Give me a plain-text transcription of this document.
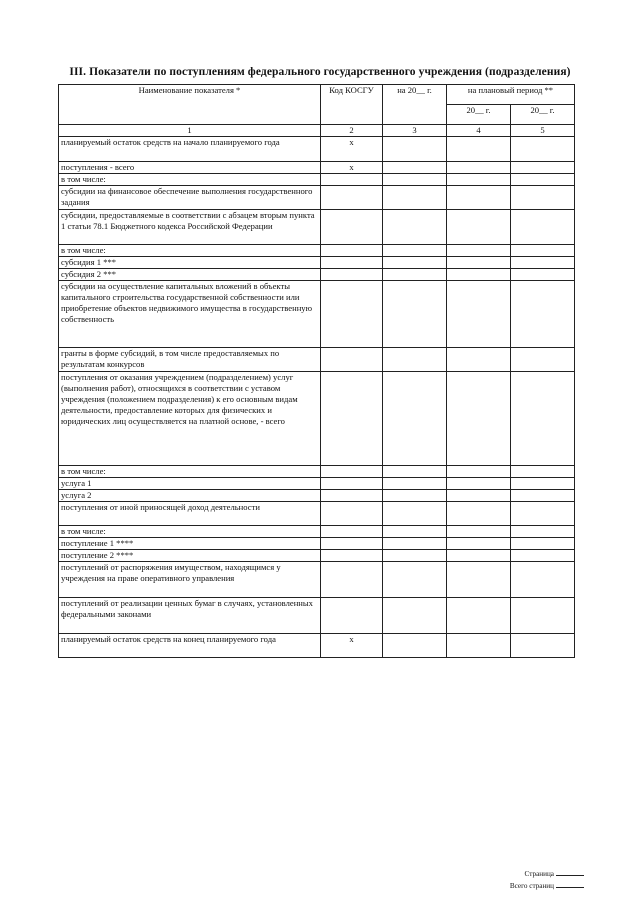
III. Показатели по поступлениям федерального государственного учреждения (подразделения)
Наименование показателя *	Код КОСГУ	на 20__ г.	на плановый период **	
			20__ г.	20__ г.
1	2	3	4	5
планируемый остаток средств на начало планируемого года	х			
поступления - всего	х			
в том числе:				
субсидии на финансовое обеспечение выполнения государственного задания				
субсидии, предоставляемые в соответствии с абзацем вторым пункта 1 статьи 78.1 Бюджетного кодекса Российской Федерации				
в том числе:				
субсидия 1 ***				
субсидия 2 ***				
субсидии на осуществление капитальных вложений в объекты капитального строительства государственной собственности или приобретение объектов недвижимого имущества в государственную собственность				
гранты в форме субсидий, в том числе предоставляемых по результатам конкурсов				
поступления от оказания учреждением (подразделением) услуг (выполнения работ), относящихся в соответствии с уставом учреждения (положением подразделения) к его основным видам деятельности, предоставление которых для физических и юридических лиц осуществляется на платной основе, - всего				
в том числе:				
услуга 1				
услуга 2				
поступления от иной приносящей доход деятельности				
в том числе:				
поступление 1 ****				
поступление 2 ****				
поступлений от распоряжения имуществом, находящимся у учреждения на праве оперативного управления				
поступлений от реализации ценных бумаг в случаях, установленных федеральными законами				
планируемый остаток средств на конец планируемого года	х			
Страница
Всего страниц
